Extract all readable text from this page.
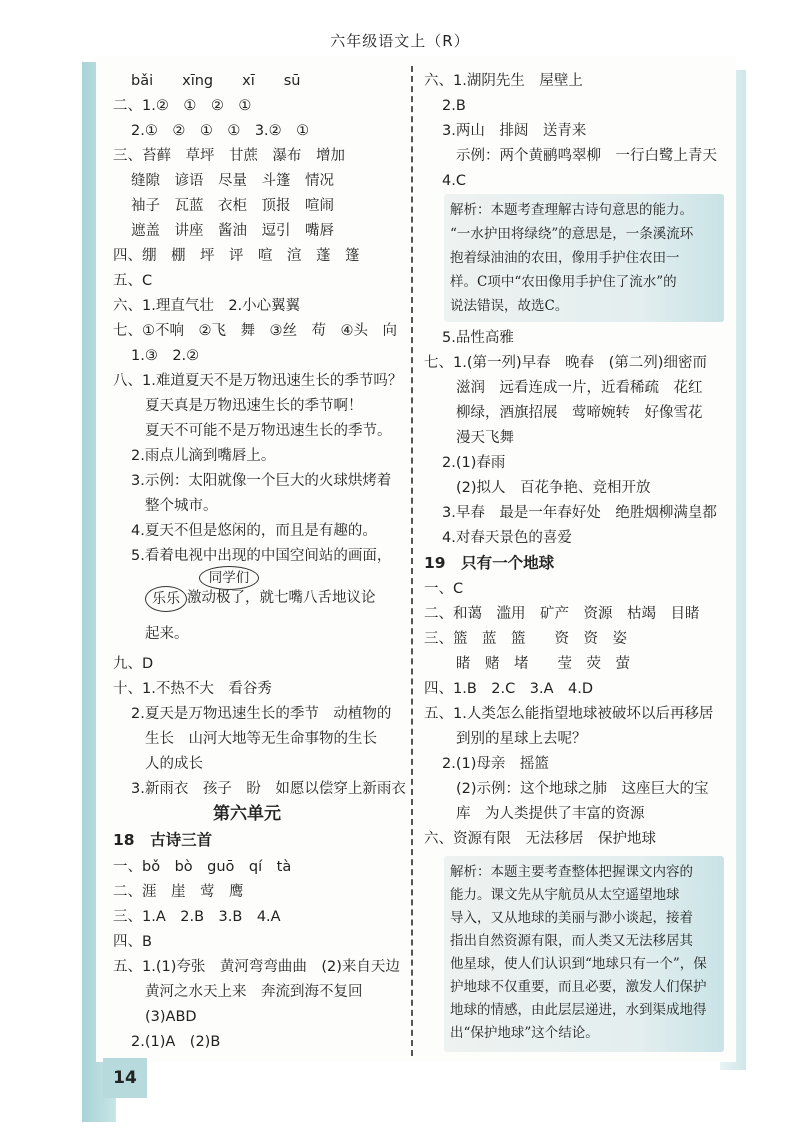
六年级语文上（R）
bǎi　　xīng　　xī　　sū
二、1.②　①　②　①
2.①　②　①　①　3.②　①
三、苔藓　草坪　甘蔗　瀑布　增加
缝隙　谚语　尽量　斗篷　情况
袖子　瓦蓝　衣柜　顶报　喧闹
遮盖　讲座　酱油　逗引　嘴唇
四、绷　棚　坪　评　喧　渲　蓬　篷
五、C
六、1.理直气壮　2.小心翼翼
七、①不响　②飞　舞　③丝　苟　④头　向
1.③　2.②
八、1.难道夏天不是万物迅速生长的季节吗？
夏天真是万物迅速生长的季节啊！
夏天不可能不是万物迅速生长的季节。
2.雨点儿滴到嘴唇上。
3.示例：太阳就像一个巨大的火球烘烤着
整个城市。
4.夏天不但是悠闲的，而且是有趣的。
5.看着电视中出现的中国空间站的画面，
同学们
乐乐 激动极了，就七嘴八舌地议论
起来。
九、D
十、1.不热不大　看谷秀
2.夏天是万物迅速生长的季节　动植物的
生长　山河大地等无生命事物的生长
人的成长
3.新雨衣　孩子　盼　如愿以偿穿上新雨衣
第六单元
18　古诗三首
一、bǒ　bò　guō　qí　tà
二、涯　崖　莺　鹰
三、1.A　2.B　3.B　4.A
四、B
五、1.(1)夸张　黄河弯弯曲曲　(2)来自天边
黄河之水天上来　奔流到海不复回
(3)ABD
2.(1)A　(2)B
六、1.湖阴先生　屋壁上
2.B
3.两山　排闼　送青来
示例：两个黄鹂鸣翠柳　一行白鹭上青天
4.C
解析：本题考查理解古诗句意思的能力。
“一水护田将绿绕”的意思是，一条溪流环
抱着绿油油的农田，像用手护住农田一
样。C项中“农田像用手护住了流水”的
说法错误，故选C。
5.品性高雅
七、1.(第一列)早春　晚春　(第二列)细密而
滋润　远看连成一片，近看稀疏　花红
柳绿，酒旗招展　莺啼婉转　好像雪花
漫天飞舞
2.(1)春雨
(2)拟人　百花争艳、竞相开放
3.早春　最是一年春好处　绝胜烟柳满皇都
4.对春天景色的喜爱
19　只有一个地球
一、C
二、和蔼　滥用　矿产　资源　枯竭　目睹
三、篮　蓝　篮　　资　资　姿
睹　赌　堵　　莹　荧　萤
四、1.B　2.C　3.A　4.D
五、1.人类怎么能指望地球被破坏以后再移居
到别的星球上去呢？
2.(1)母亲　摇篮
(2)示例：这个地球之肺　这座巨大的宝
库　为人类提供了丰富的资源
六、资源有限　无法移居　保护地球
解析：本题主要考查整体把握课文内容的
能力。课文先从宇航员从太空遥望地球
导入，又从地球的美丽与渺小谈起，接着
指出自然资源有限，而人类又无法移居其
他星球，使人们认识到“地球只有一个”，保
护地球不仅重要，而且必要，激发人们保护
地球的情感，由此层层递进，水到渠成地得
出“保护地球”这个结论。
14
